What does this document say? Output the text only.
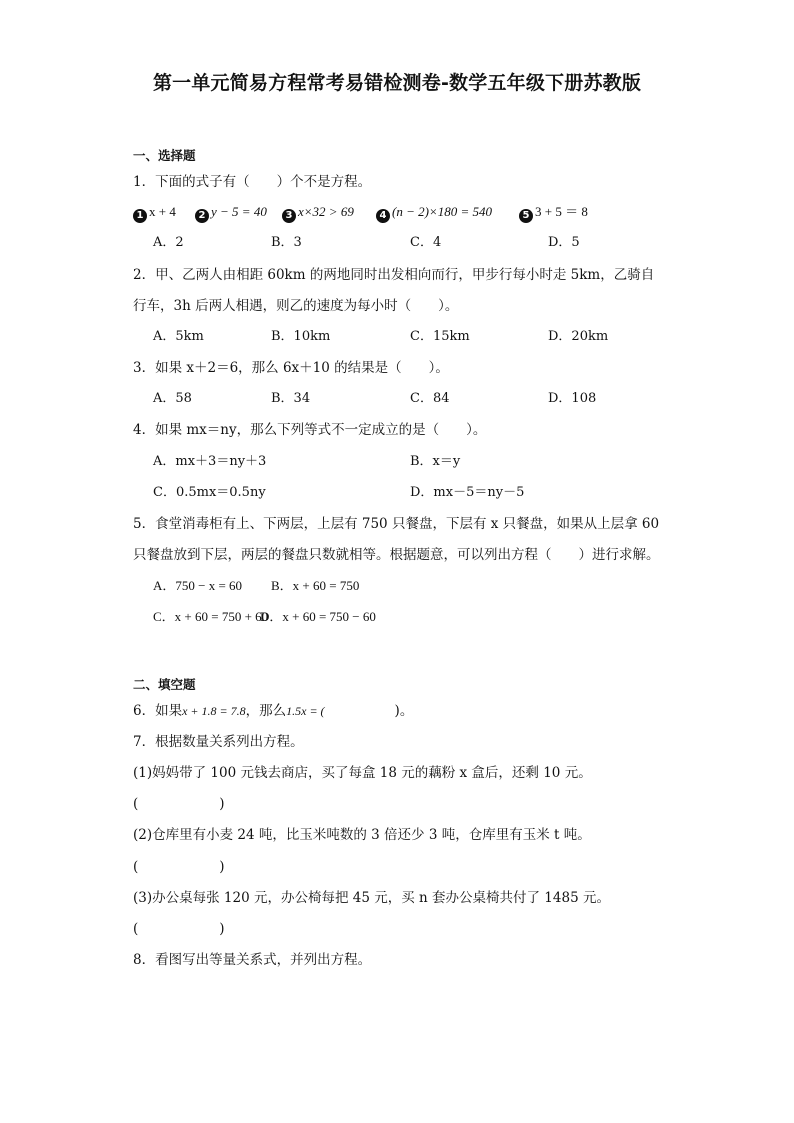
第一单元简易方程常考易错检测卷-数学五年级下册苏教版
一、选择题
1．下面的式子有（　　）个不是方程。
1 x + 4	2 y − 5 = 40	3 x×32 > 69	4 (n − 2)×180 = 540	5 3 + 5 ＝ 8
A．2	B．3	C．4	D．5
2．甲、乙两人由相距 60km 的两地同时出发相向而行，甲步行每小时走 5km，乙骑自
行车，3h 后两人相遇，则乙的速度为每小时（　　）。
A．5km	B．10km	C．15km	D．20km
3．如果 x＋2＝6，那么 6x＋10 的结果是（　　）。
A．58	B．34	C．84	D．108
4．如果 mx＝ny，那么下列等式不一定成立的是（　　）。
A．mx＋3＝ny＋3	B．x＝y
C．0.5mx＝0.5ny	D．mx－5＝ny－5
5．食堂消毒柜有上、下两层，上层有 750 只餐盘，下层有 x 只餐盘，如果从上层拿 60
只餐盘放到下层，两层的餐盘只数就相等。根据题意，可以列出方程（　　）进行求解。
A．750 − x = 60 B．x + 60 = 750
C．x + 60 = 750 + 60
D．x + 60 = 750 − 60
二、填空题
6．如果x + 1.8 = 7.8，那么1.5x = (	)。
7．根据数量关系列出方程。
(1)妈妈带了 100 元钱去商店，买了每盒 18 元的藕粉 x 盒后，还剩 10 元。
(　　　　　　)
(2)仓库里有小麦 24 吨，比玉米吨数的 3 倍还少 3 吨，仓库里有玉米 t 吨。
(　　　　　　)
(3)办公桌每张 120 元，办公椅每把 45 元，买 n 套办公桌椅共付了 1485 元。
(　　　　　　)
8．看图写出等量关系式，并列出方程。
